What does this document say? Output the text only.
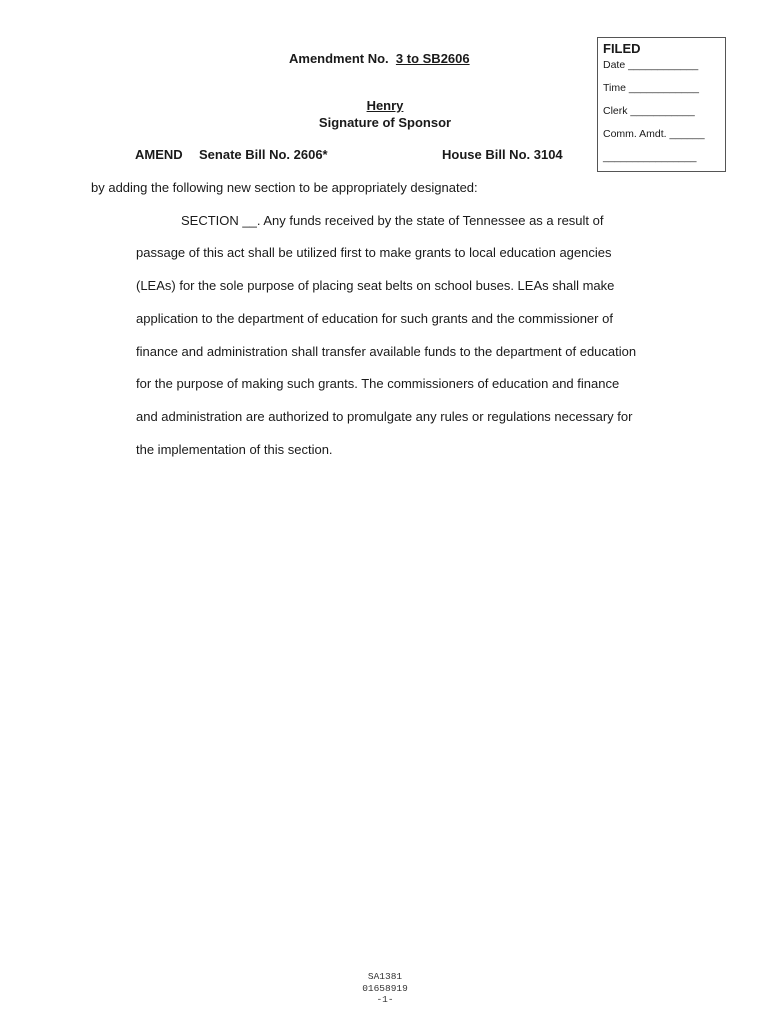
FILED
Date ____________
Time ____________
Clerk ___________
Comm. Amdt. ______
________________
Amendment No. 3 to SB2606
Henry
Signature of Sponsor
AMEND Senate Bill No. 2606*	House Bill No. 3104
by adding the following new section to be appropriately designated:
SECTION __. Any funds received by the state of Tennessee as a result of
passage of this act shall be utilized first to make grants to local education agencies
(LEAs) for the sole purpose of placing seat belts on school buses. LEAs shall make
application to the department of education for such grants and the commissioner of
finance and administration shall transfer available funds to the department of education
for the purpose of making such grants. The commissioners of education and finance
and administration are authorized to promulgate any rules or regulations necessary for
the implementation of this section.
SA1381
01658919
-1-
